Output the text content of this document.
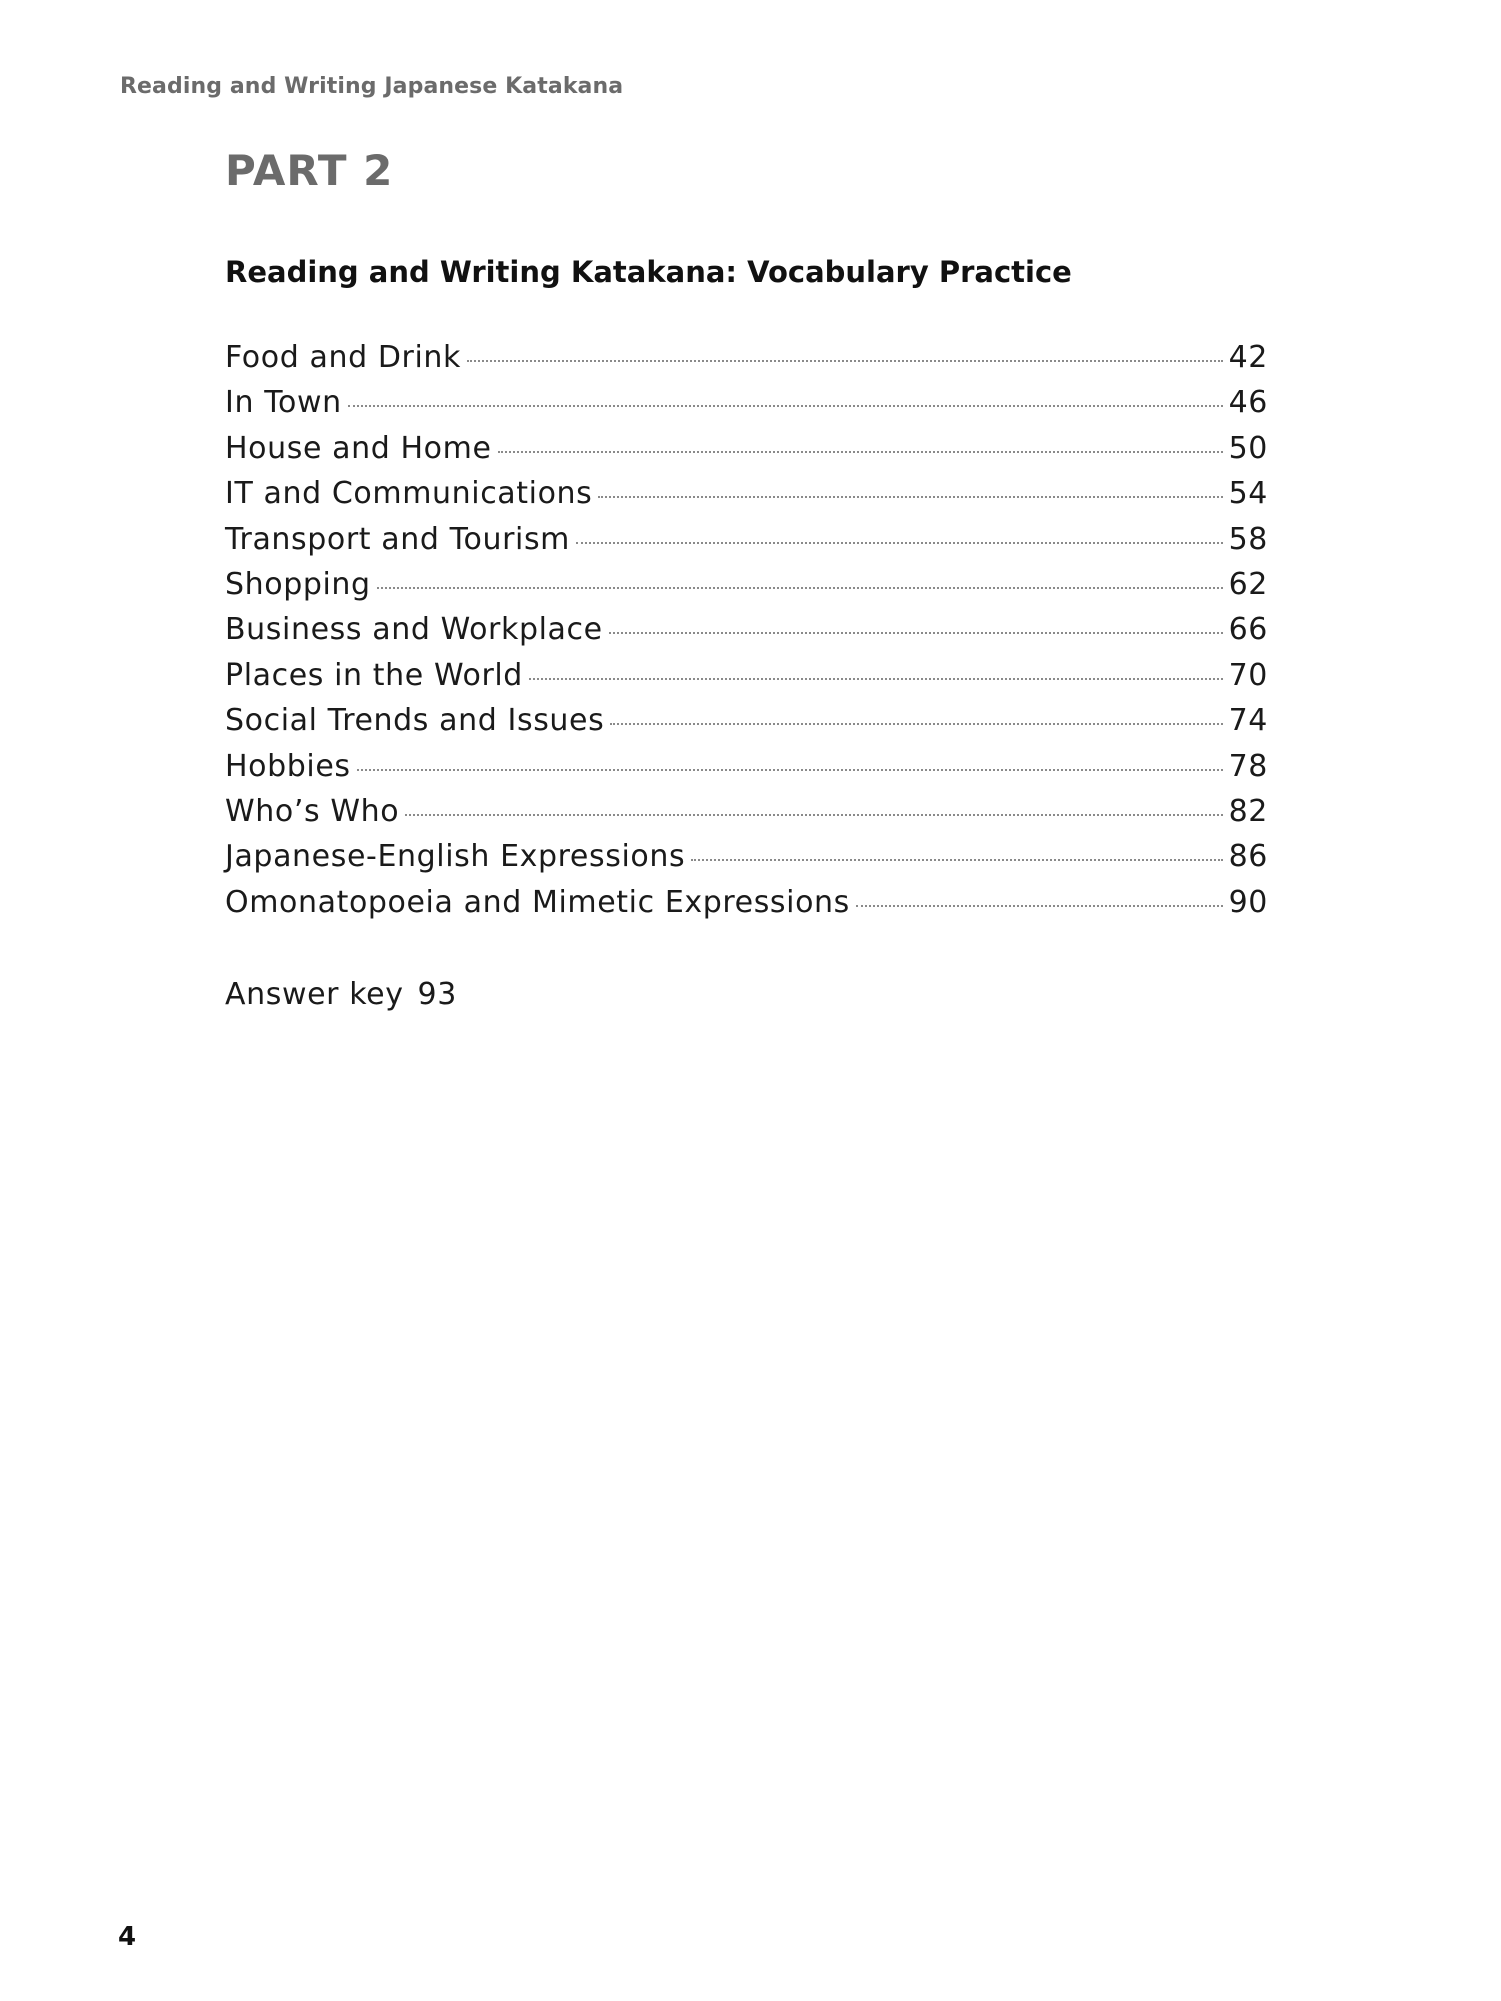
Reading and Writing Japanese Katakana
PART 2
Reading and Writing Katakana: Vocabulary Practice
Food and Drink	42
In Town	46
House and Home	50
IT and Communications	54
Transport and Tourism	58
Shopping	62
Business and Workplace	66
Places in the World	70
Social Trends and Issues	74
Hobbies	78
Who’s Who	82
Japanese-English Expressions	86
Omonatopoeia and Mimetic Expressions	90
Answer key 93
4
